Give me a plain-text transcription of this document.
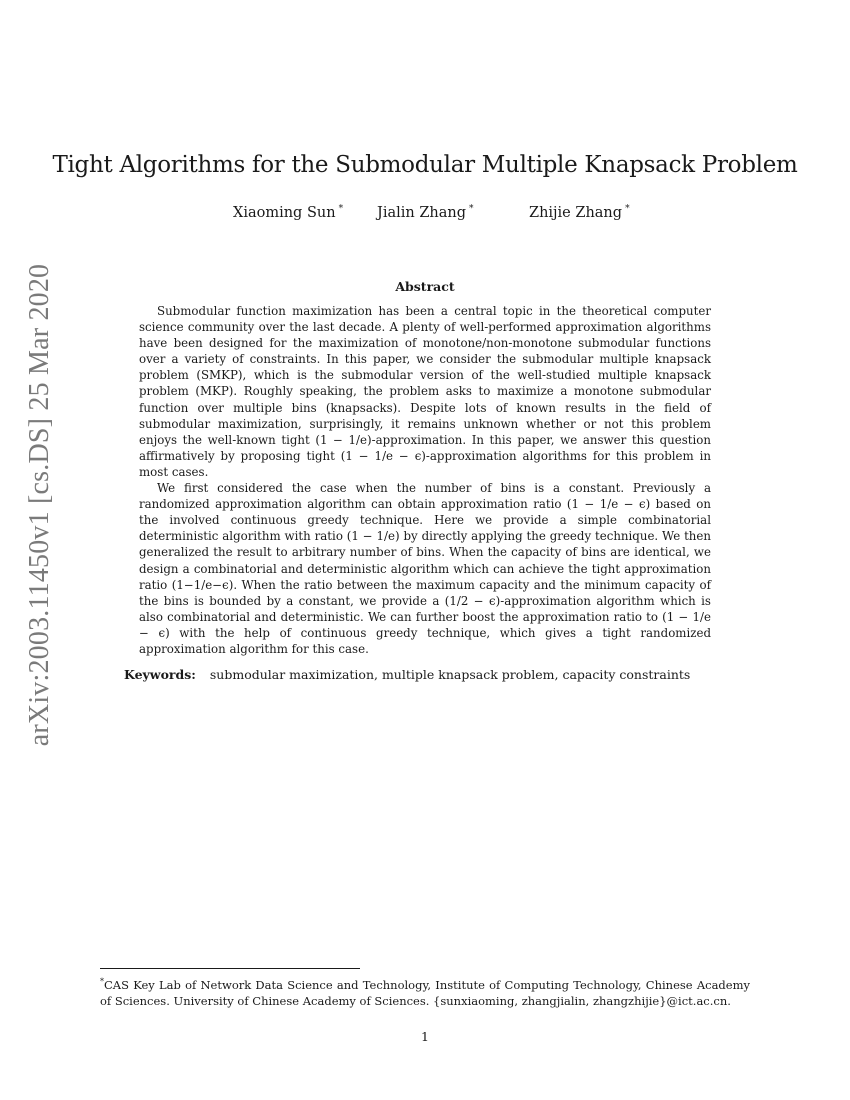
arXiv:2003.11450v1 [cs.DS] 25 Mar 2020
Tight Algorithms for the Submodular Multiple Knapsack Problem
Xiaoming Sun * Jialin Zhang *	Zhijie Zhang *
Abstract

Submodular function maximization has been a central topic in the theoretical computer science community over the last decade. A plenty of well-performed approximation algorithms have been designed for the maximization of monotone/non-monotone submodular functions over a variety of constraints. In this paper, we consider the submodular multiple knapsack problem (SMKP), which is the submodular version of the well-studied multiple knapsack problem (MKP). Roughly speaking, the problem asks to maximize a monotone submodular function over multiple bins (knapsacks). Despite lots of known results in the field of submodular maximization, surprisingly, it remains unknown whether or not this problem enjoys the well-known tight (1 − 1/e)-approximation. In this paper, we answer this question affirmatively by proposing tight (1 − 1/e − ϵ)-approximation algorithms for this problem in most cases.

We first considered the case when the number of bins is a constant. Previously a randomized approximation algorithm can obtain approximation ratio (1 − 1/e − ϵ) based on the involved continuous greedy technique. Here we provide a simple combinatorial deterministic algorithm with ratio (1 − 1/e) by directly applying the greedy technique. We then generalized the result to arbitrary number of bins. When the capacity of bins are identical, we design a combinatorial and deterministic algorithm which can achieve the tight approximation ratio (1−1/e−ϵ). When the ratio between the maximum capacity and the minimum capacity of the bins is bounded by a constant, we provide a (1/2 − ϵ)-approximation algorithm which is also combinatorial and deterministic. We can further boost the approximation ratio to (1 − 1/e − ϵ) with the help of continuous greedy technique, which gives a tight randomized approximation algorithm for this case.

Keywords: submodular maximization, multiple knapsack problem, capacity constraints
*CAS Key Lab of Network Data Science and Technology, Institute of Computing Technology, Chinese Academy of Sciences. University of Chinese Academy of Sciences. {sunxiaoming, zhangjialin, zhangzhijie}@ict.ac.cn.
1
